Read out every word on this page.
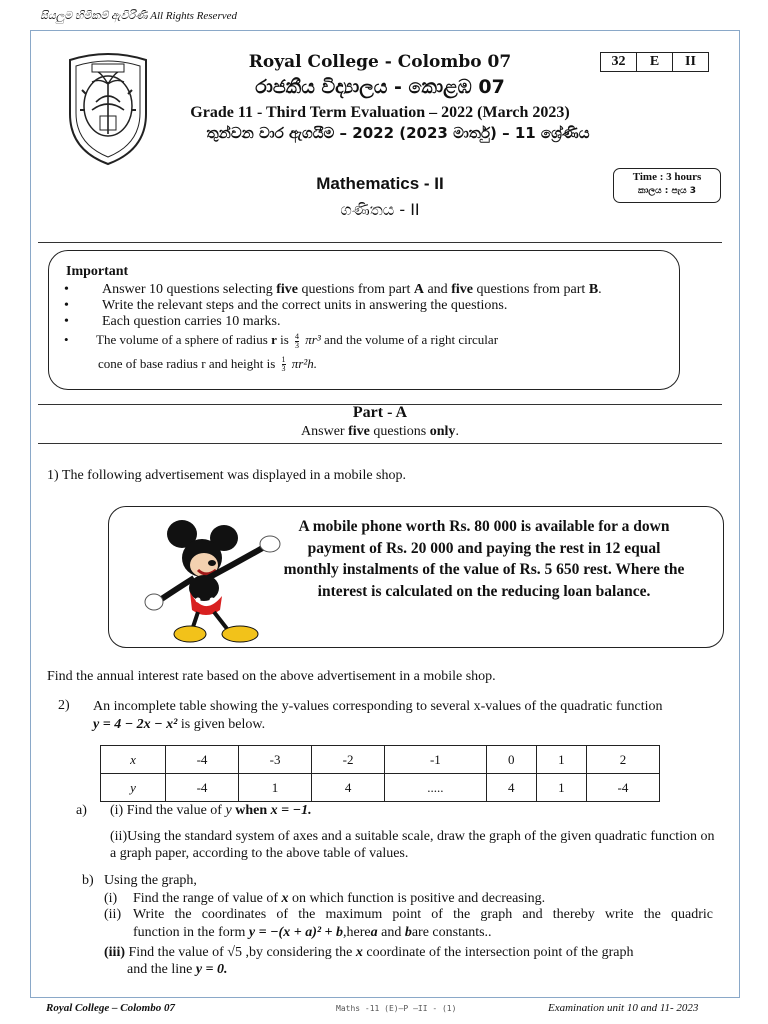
සියලුම හිමිකම් ඇවිරිණි All Rights Reserved
Royal College - Colombo 07
රාජකීය විද්‍යාලය - කොළඹ 07
Grade 11 - Third Term Evaluation – 2022 (March 2023)
තුන්වන වාර ඇගයීම – 2022 (2023 මාර්තු) – 11 ශ්‍රේණිය
32	E	II
Mathematics - II
ගණිතය - II
Time : 3 hours
කාලය : පැය 3
Important
• Answer 10 questions selecting five questions from part A and five questions from part B.
• Write the relevant steps and the correct units in answering the questions.
• Each question carries 10 marks.
• The volume of a sphere of radius r is $\frac{4}{3} \pi r^3$ and the volume of a right circular
cone of base radius r and height is $\frac{1}{3} \pi r^2h$.
Part - A
Answer five questions only.
1) The following advertisement was displayed in a mobile shop.
A mobile phone worth Rs. 80 000 is available for a down payment of Rs. 20 000 and paying the rest in 12 equal monthly instalments of the value of Rs. 5 650 rest. Where the interest is calculated on the reducing loan balance.
Find the annual interest rate based on the above advertisement in a mobile shop.
2) An incomplete table showing the y-values corresponding to several x-values of the quadratic function
y = 4 − 2x − x² is given below.
x	-4	-3	-2	-1	0	1	2
y	-4	1	4	.....	4	1	-4
a) (i) Find the value of y when x = −1.
(ii)Using the standard system of axes and a suitable scale, draw the graph of the given quadratic function on a graph paper, according to the above table of values.
b) Using the graph,
(i) Find the range of value of x on which function is positive and decreasing.
(ii) Write the coordinates of the maximum point of the graph and thereby write the quadric
function in the form y = −(x + a)² + b,herea and bare constants..
(iii) Find the value of √5 ,by considering the x coordinate of the intersection point of the graph
and the line y = 0.
Royal College – Colombo 07	Maths -11 (E)—P –II - (1)	Examination unit 10 and 11- 2023
